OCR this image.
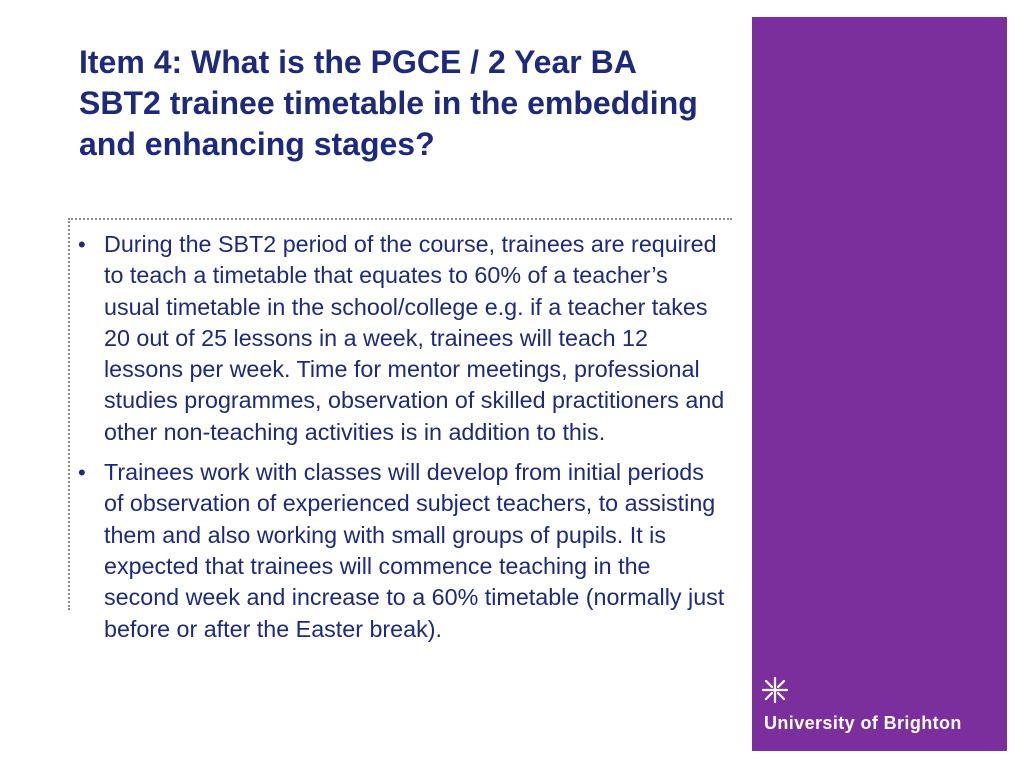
Item 4: What is the PGCE / 2 Year BA SBT2 trainee timetable in the embedding and enhancing stages?
• During the SBT2 period of the course, trainees are required to teach a timetable that equates to 60% of a teacher’s usual timetable in the school/college e.g. if a teacher takes 20 out of 25 lessons in a week, trainees will teach 12 lessons per week. Time for mentor meetings, professional studies programmes, observation of skilled practitioners and other non-teaching activities is in addition to this.
• Trainees work with classes will develop from initial periods of observation of experienced subject teachers, to assisting them and also working with small groups of pupils. It is expected that trainees will commence teaching in the second week and increase to a 60% timetable (normally just before or after the Easter break).

University of Brighton
